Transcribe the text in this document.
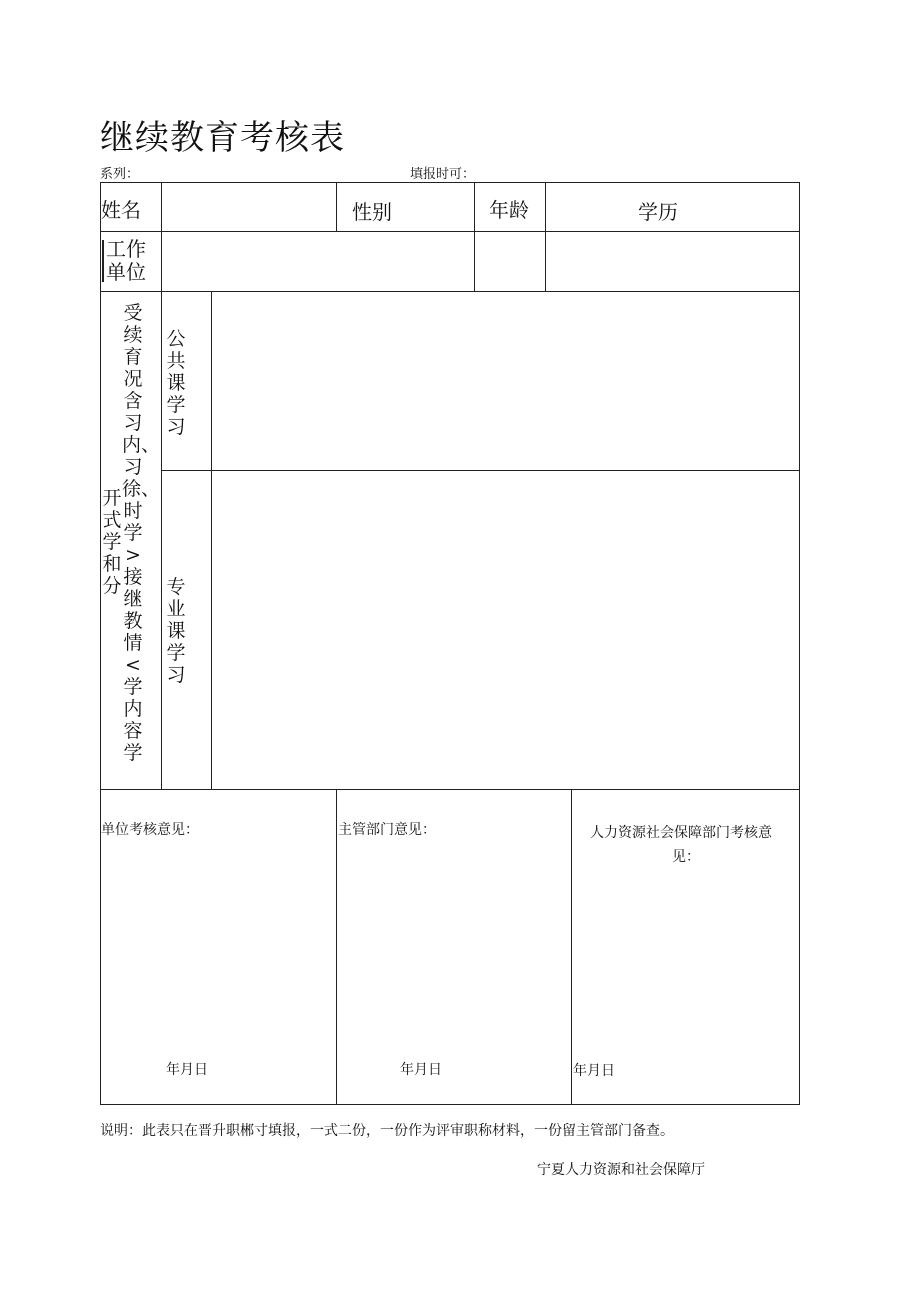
继续教育考核表
系列：	填报时可：
姓名	性别	年龄	学历
工作
单位
受续育况含习内、习徐、时学>接继教情<学内容学
开式学和分
公共课学习
专业课学习
单位考核意见：	主管部门意见：	人力资源社会保障部门考核意
见：
年月日	年月日	年月日
说明：此表只在晋升职郴寸填报，一式二份，一份作为评审职称材料，一份留主管部门备查。
宁夏人力资源和社会保障厅
